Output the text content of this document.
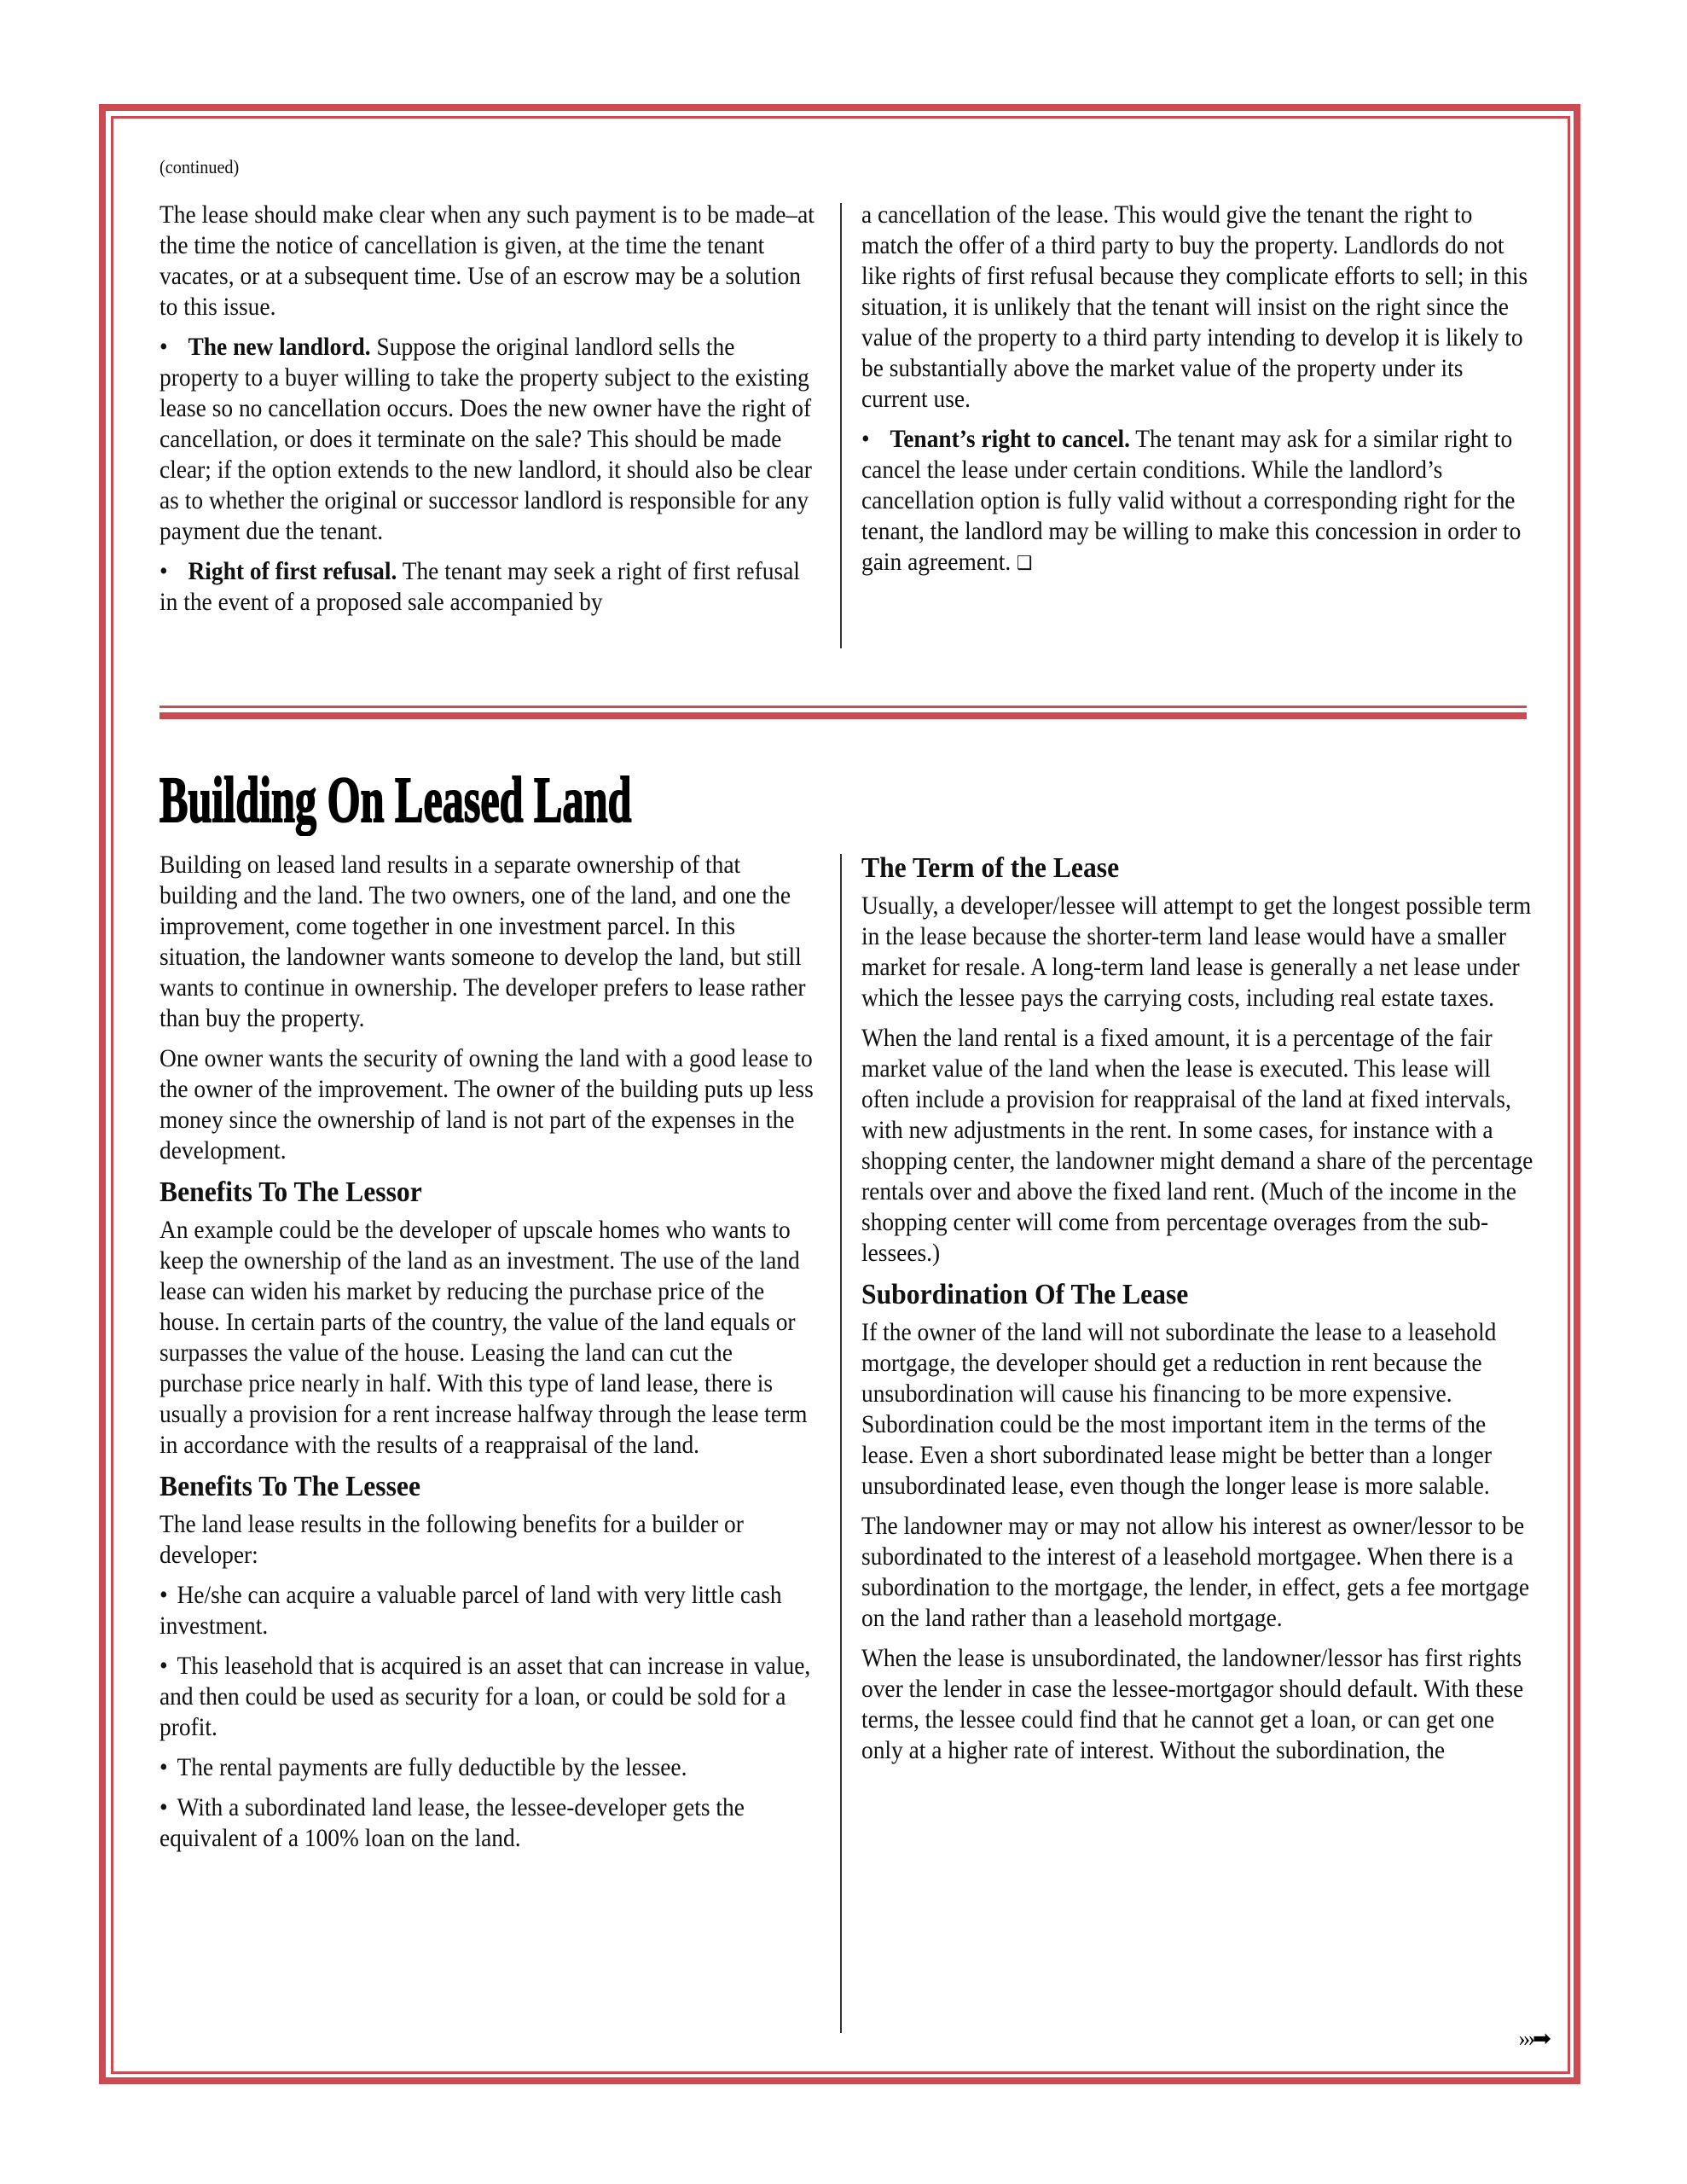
(continued)

The lease should make clear when any such payment is to be made–at the time the notice of cancellation is given, at the time the tenant vacates, or at a subsequent time. Use of an escrow may be a solution to this issue.

• The new landlord. Suppose the original landlord sells the property to a buyer willing to take the property subject to the existing lease so no cancellation occurs. Does the new owner have the right of cancellation, or does it terminate on the sale? This should be made clear; if the option extends to the new landlord, it should also be clear as to whether the original or successor landlord is responsible for any payment due the tenant.

• Right of first refusal. The tenant may seek a right of first refusal in the event of a proposed sale accompanied by

a cancellation of the lease. This would give the tenant the right to match the offer of a third party to buy the property. Landlords do not like rights of first refusal because they complicate efforts to sell; in this situation, it is unlikely that the tenant will insist on the right since the value of the property to a third party intending to develop it is likely to be substantially above the market value of the property under its current use.

• Tenant’s right to cancel. The tenant may ask for a similar right to cancel the lease under certain conditions. While the landlord’s cancellation option is fully valid without a corresponding right for the tenant, the landlord may be willing to make this concession in order to gain agreement. ❑

Building On Leased Land

Building on leased land results in a separate ownership of that building and the land. The two owners, one of the land, and one the improvement, come together in one investment parcel. In this situation, the landowner wants someone to develop the land, but still wants to continue in ownership. The developer prefers to lease rather than buy the property.

One owner wants the security of owning the land with a good lease to the owner of the improvement. The owner of the building puts up less money since the ownership of land is not part of the expenses in the development.

Benefits To The Lessor

An example could be the developer of upscale homes who wants to keep the ownership of the land as an investment. The use of the land lease can widen his market by reducing the purchase price of the house. In certain parts of the country, the value of the land equals or surpasses the value of the house. Leasing the land can cut the purchase price nearly in half. With this type of land lease, there is usually a provision for a rent increase halfway through the lease term in accordance with the results of a reappraisal of the land.

Benefits To The Lessee

The land lease results in the following benefits for a builder or developer:

• He/she can acquire a valuable parcel of land with very little cash investment.

• This leasehold that is acquired is an asset that can increase in value, and then could be used as security for a loan, or could be sold for a profit.

• The rental payments are fully deductible by the lessee.

• With a subordinated land lease, the lessee-developer gets the equivalent of a 100% loan on the land.

The Term of the Lease

Usually, a developer/lessee will attempt to get the longest possible term in the lease because the shorter-term land lease would have a smaller market for resale. A long-term land lease is generally a net lease under which the lessee pays the carrying costs, including real estate taxes.

When the land rental is a fixed amount, it is a percentage of the fair market value of the land when the lease is executed. This lease will often include a provision for reappraisal of the land at fixed intervals, with new adjustments in the rent. In some cases, for instance with a shopping center, the landowner might demand a share of the percentage rentals over and above the fixed land rent. (Much of the income in the shopping center will come from percentage overages from the sub-lessees.)

Subordination Of The Lease

If the owner of the land will not subordinate the lease to a leasehold mortgage, the developer should get a reduction in rent because the unsubordination will cause his financing to be more expensive. Subordination could be the most important item in the terms of the lease. Even a short subordinated lease might be better than a longer unsubordinated lease, even though the longer lease is more salable.

The landowner may or may not allow his interest as owner/lessor to be subordinated to the interest of a leasehold mortgagee. When there is a subordination to the mortgage, the lender, in effect, gets a fee mortgage on the land rather than a leasehold mortgage.

When the lease is unsubordinated, the landowner/lessor has first rights over the lender in case the lessee-mortgagor should default. With these terms, the lessee could find that he cannot get a loan, or can get one only at a higher rate of interest. Without the subordination, the

›››➡
